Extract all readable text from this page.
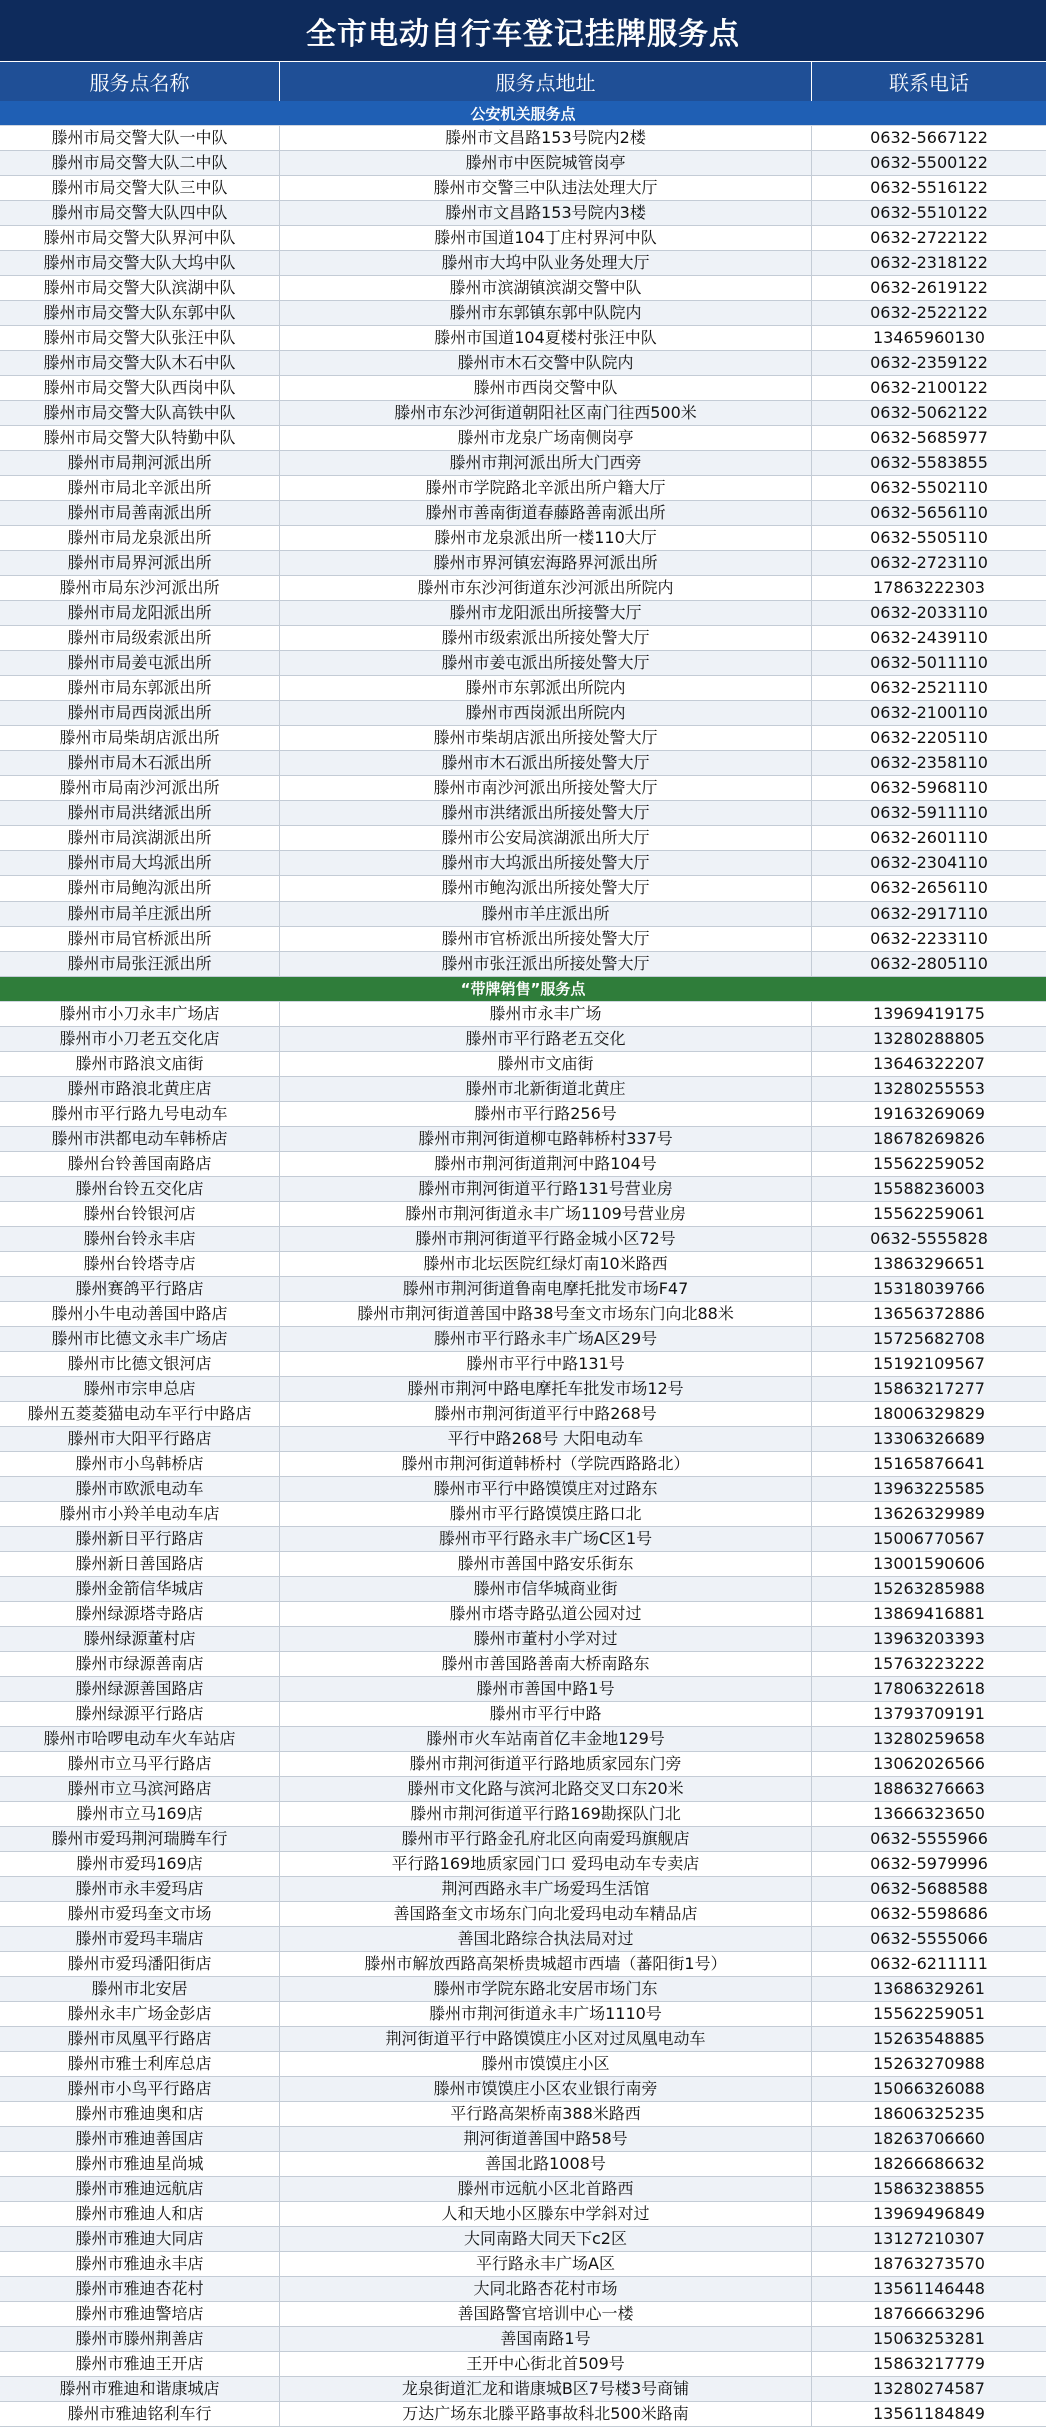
全市电动自行车登记挂牌服务点
服务点名称	服务点地址	联系电话
公安机关服务点
滕州市局交警大队一中队	滕州市文昌路153号院内2楼	0632-5667122
滕州市局交警大队二中队	滕州市中医院城管岗亭	0632-5500122
滕州市局交警大队三中队	滕州市交警三中队违法处理大厅	0632-5516122
滕州市局交警大队四中队	滕州市文昌路153号院内3楼	0632-5510122
滕州市局交警大队界河中队	滕州市国道104丁庄村界河中队	0632-2722122
滕州市局交警大队大坞中队	滕州市大坞中队业务处理大厅	0632-2318122
滕州市局交警大队滨湖中队	滕州市滨湖镇滨湖交警中队	0632-2619122
滕州市局交警大队东郭中队	滕州市东郭镇东郭中队院内	0632-2522122
滕州市局交警大队张汪中队	滕州市国道104夏楼村张汪中队	13465960130
滕州市局交警大队木石中队	滕州市木石交警中队院内	0632-2359122
滕州市局交警大队西岗中队	滕州市西岗交警中队	0632-2100122
滕州市局交警大队高铁中队	滕州市东沙河街道朝阳社区南门往西500米	0632-5062122
滕州市局交警大队特勤中队	滕州市龙泉广场南侧岗亭	0632-5685977
滕州市局荆河派出所	滕州市荆河派出所大门西旁	0632-5583855
滕州市局北辛派出所	滕州市学院路北辛派出所户籍大厅	0632-5502110
滕州市局善南派出所	滕州市善南街道春藤路善南派出所	0632-5656110
滕州市局龙泉派出所	滕州市龙泉派出所一楼110大厅	0632-5505110
滕州市局界河派出所	滕州市界河镇宏海路界河派出所	0632-2723110
滕州市局东沙河派出所	滕州市东沙河街道东沙河派出所院内	17863222303
滕州市局龙阳派出所	滕州市龙阳派出所接警大厅	0632-2033110
滕州市局级索派出所	滕州市级索派出所接处警大厅	0632-2439110
滕州市局姜屯派出所	滕州市姜屯派出所接处警大厅	0632-5011110
滕州市局东郭派出所	滕州市东郭派出所院内	0632-2521110
滕州市局西岗派出所	滕州市西岗派出所院内	0632-2100110
滕州市局柴胡店派出所	滕州市柴胡店派出所接处警大厅	0632-2205110
滕州市局木石派出所	滕州市木石派出所接处警大厅	0632-2358110
滕州市局南沙河派出所	滕州市南沙河派出所接处警大厅	0632-5968110
滕州市局洪绪派出所	滕州市洪绪派出所接处警大厅	0632-5911110
滕州市局滨湖派出所	滕州市公安局滨湖派出所大厅	0632-2601110
滕州市局大坞派出所	滕州市大坞派出所接处警大厅	0632-2304110
滕州市局鲍沟派出所	滕州市鲍沟派出所接处警大厅	0632-2656110
滕州市局羊庄派出所	滕州市羊庄派出所	0632-2917110
滕州市局官桥派出所	滕州市官桥派出所接处警大厅	0632-2233110
滕州市局张汪派出所	滕州市张汪派出所接处警大厅	0632-2805110
“带牌销售”服务点
滕州市小刀永丰广场店	滕州市永丰广场	13969419175
滕州市小刀老五交化店	滕州市平行路老五交化	13280288805
滕州市路浪文庙街	滕州市文庙街	13646322207
滕州市路浪北黄庄店	滕州市北新街道北黄庄	13280255553
滕州市平行路九号电动车	滕州市平行路256号	19163269069
滕州市洪都电动车韩桥店	滕州市荆河街道柳屯路韩桥村337号	18678269826
滕州台铃善国南路店	滕州市荆河街道荆河中路104号	15562259052
滕州台铃五交化店	滕州市荆河街道平行路131号营业房	15588236003
滕州台铃银河店	滕州市荆河街道永丰广场1109号营业房	15562259061
滕州台铃永丰店	滕州市荆河街道平行路金城小区72号	0632-5555828
滕州台铃塔寺店	滕州市北坛医院红绿灯南10米路西	13863296651
滕州赛鸽平行路店	滕州市荆河街道鲁南电摩托批发市场F47	15318039766
滕州小牛电动善国中路店	滕州市荆河街道善国中路38号奎文市场东门向北88米	13656372886
滕州市比德文永丰广场店	滕州市平行路永丰广场A区29号	15725682708
滕州市比德文银河店	滕州市平行中路131号	15192109567
滕州市宗申总店	滕州市荆河中路电摩托车批发市场12号	15863217277
滕州五菱菱猫电动车平行中路店	滕州市荆河街道平行中路268号	18006329829
滕州市大阳平行路店	平行中路268号 大阳电动车	13306326689
滕州市小鸟韩桥店	滕州市荆河街道韩桥村（学院西路路北）	15165876641
滕州市欧派电动车	滕州市平行中路馍馍庄对过路东	13963225585
滕州市小羚羊电动车店	滕州市平行路馍馍庄路口北	13626329989
滕州新日平行路店	滕州市平行路永丰广场C区1号	15006770567
滕州新日善国路店	滕州市善国中路安乐街东	13001590606
滕州金箭信华城店	滕州市信华城商业街	15263285988
滕州绿源塔寺路店	滕州市塔寺路弘道公园对过	13869416881
滕州绿源董村店	滕州市董村小学对过	13963203393
滕州市绿源善南店	滕州市善国路善南大桥南路东	15763223222
滕州绿源善国路店	滕州市善国中路1号	17806322618
滕州绿源平行路店	滕州市平行中路	13793709191
滕州市哈啰电动车火车站店	滕州市火车站南首亿丰金地129号	13280259658
滕州市立马平行路店	滕州市荆河街道平行路地质家园东门旁	13062026566
滕州市立马滨河路店	滕州市文化路与滨河北路交叉口东20米	18863276663
滕州市立马169店	滕州市荆河街道平行路169勘探队门北	13666323650
滕州市爱玛荆河瑞腾车行	滕州市平行路金孔府北区向南爱玛旗舰店	0632-5555966
滕州市爱玛169店	平行路169地质家园门口 爱玛电动车专卖店	0632-5979996
滕州市永丰爱玛店	荆河西路永丰广场爱玛生活馆	0632-5688588
滕州市爱玛奎文市场	善国路奎文市场东门向北爱玛电动车精品店	0632-5598686
滕州市爱玛丰瑞店	善国北路综合执法局对过	0632-5555066
滕州市爱玛潘阳街店	滕州市解放西路高架桥贵城超市西墙（蕃阳街1号）	0632-6211111
滕州市北安居	滕州市学院东路北安居市场门东	13686329261
滕州永丰广场金彭店	滕州市荆河街道永丰广场1110号	15562259051
滕州市凤凰平行路店	荆河街道平行中路馍馍庄小区对过凤凰电动车	15263548885
滕州市雅士利库总店	滕州市馍馍庄小区	15263270988
滕州市小鸟平行路店	滕州市馍馍庄小区农业银行南旁	15066326088
滕州市雅迪奥和店	平行路高架桥南388米路西	18606325235
滕州市雅迪善国店	荆河街道善国中路58号	18263706660
滕州市雅迪星尚城	善国北路1008号	18266686632
滕州市雅迪远航店	滕州市远航小区北首路西	15863238855
滕州市雅迪人和店	人和天地小区滕东中学斜对过	13969496849
滕州市雅迪大同店	大同南路大同天下c2区	13127210307
滕州市雅迪永丰店	平行路永丰广场A区	18763273570
滕州市雅迪杏花村	大同北路杏花村市场	13561146448
滕州市雅迪警培店	善国路警官培训中心一楼	18766663296
滕州市滕州荆善店	善国南路1号	15063253281
滕州市雅迪王开店	王开中心街北首509号	15863217779
滕州市雅迪和谐康城店	龙泉街道汇龙和谐康城B区7号楼3号商铺	13280274587
滕州市雅迪铭利车行	万达广场东北滕平路事故科北500米路南	13561184849
